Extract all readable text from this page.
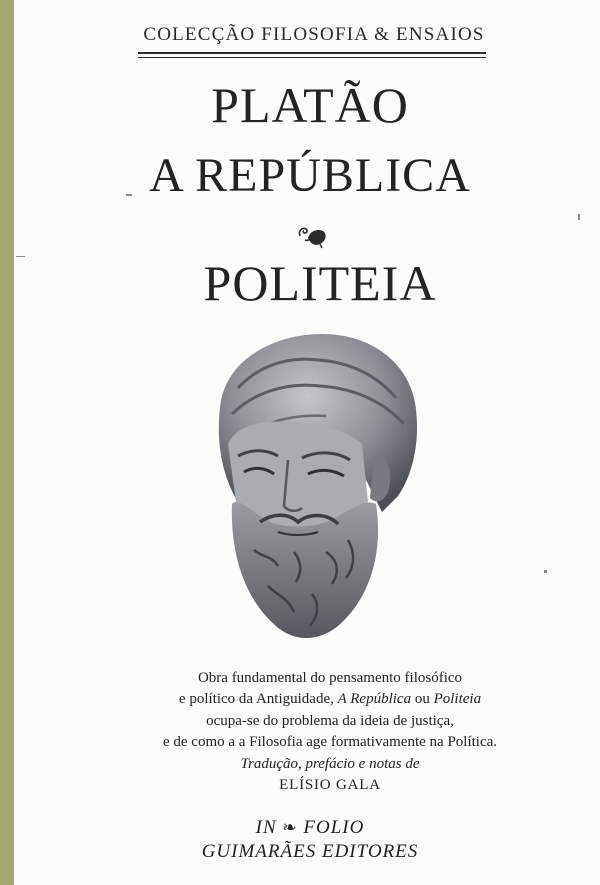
COLECÇÃO FILOSOFIA & ENSAIOS
PLATÃO
A REPÚBLICA
POLITEIA

Obra fundamental do pensamento filosófico

e político da Antiguidade, A República ou Politeia

ocupa-se do problema da ideia de justiça,

e de como a a Filosofia age formativamente na Política.

Tradução, prefácio e notas de

ELÍSIO GALA

IN ❧ FOLIO
GUIMARÃES EDITORES
